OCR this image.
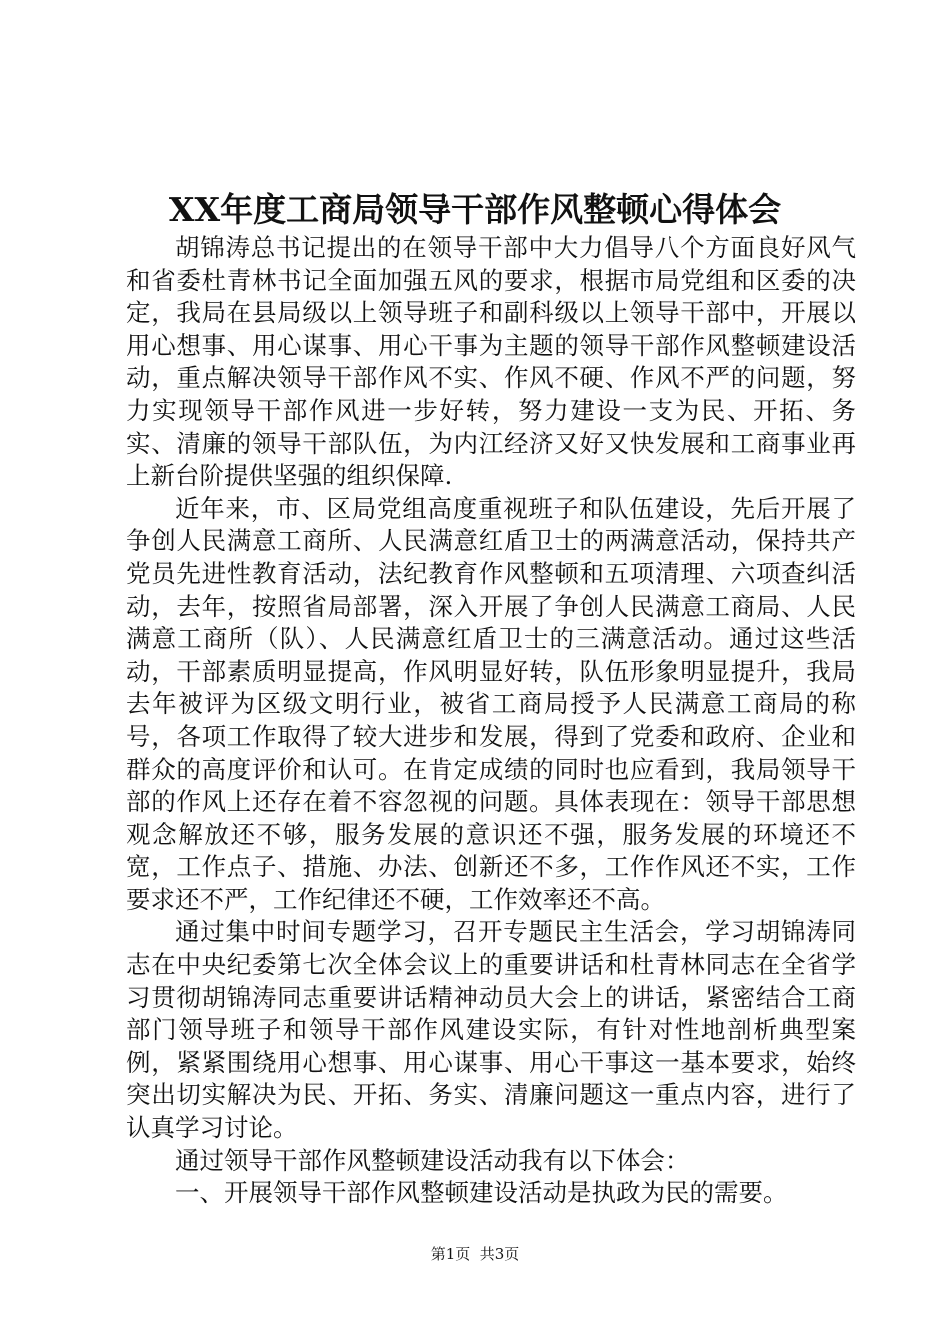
XX年度工商局领导干部作风整顿心得体会

胡锦涛总书记提出的在领导干部中大力倡导八个方面良好风气和省委杜青林书记全面加强五风的要求，根据市局党组和区委的决定，我局在县局级以上领导班子和副科级以上领导干部中，开展以用心想事、用心谋事、用心干事为主题的领导干部作风整顿建设活动，重点解决领导干部作风不实、作风不硬、作风不严的问题，努力实现领导干部作风进一步好转，努力建设一支为民、开拓、务实、清廉的领导干部队伍，为内江经济又好又快发展和工商事业再上新台阶提供坚强的组织保障.

近年来，市、区局党组高度重视班子和队伍建设，先后开展了争创人民满意工商所、人民满意红盾卫士的两满意活动，保持共产党员先进性教育活动，法纪教育作风整顿和五项清理、六项查纠活动，去年，按照省局部署，深入开展了争创人民满意工商局、人民满意工商所（队）、人民满意红盾卫士的三满意活动。通过这些活动，干部素质明显提高，作风明显好转，队伍形象明显提升，我局去年被评为区级文明行业，被省工商局授予人民满意工商局的称号，各项工作取得了较大进步和发展，得到了党委和政府、企业和群众的高度评价和认可。在肯定成绩的同时也应看到，我局领导干部的作风上还存在着不容忽视的问题。具体表现在：领导干部思想观念解放还不够，服务发展的意识还不强，服务发展的环境还不宽，工作点子、措施、办法、创新还不多，工作作风还不实，工作要求还不严，工作纪律还不硬，工作效率还不高。

通过集中时间专题学习，召开专题民主生活会，学习胡锦涛同志在中央纪委第七次全体会议上的重要讲话和杜青林同志在全省学习贯彻胡锦涛同志重要讲话精神动员大会上的讲话，紧密结合工商部门领导班子和领导干部作风建设实际，有针对性地剖析典型案例，紧紧围绕用心想事、用心谋事、用心干事这一基本要求，始终突出切实解决为民、开拓、务实、清廉问题这一重点内容，进行了认真学习讨论。

通过领导干部作风整顿建设活动我有以下体会：

一、开展领导干部作风整顿建设活动是执政为民的需要。

第1页  共3页
